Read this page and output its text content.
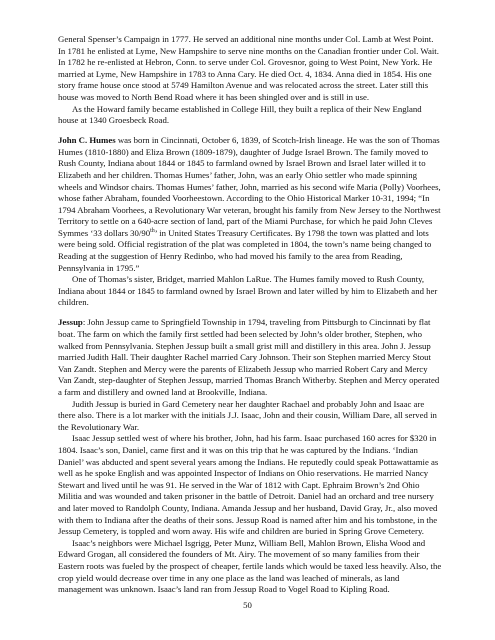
General Spenser’s Campaign in 1777. He served an additional nine months under Col. Lamb at West Point. In 1781 he enlisted at Lyme, New Hampshire to serve nine months on the Canadian frontier under Col. Wait. In 1782 he re-enlisted at Hebron, Conn. to serve under Col. Grovesnor, going to West Point, New York. He married at Lyme, New Hampshire in 1783 to Anna Cary. He died Oct. 4, 1834. Anna died in 1854. His one story frame house once stood at 5749 Hamilton Avenue and was relocated across the street. Later still this house was moved to North Bend Road where it has been shingled over and is still in use.

As the Howard family became established in College Hill, they built a replica of their New England house at 1340 Groesbeck Road.

John C. Humes was born in Cincinnati, October 6, 1839, of Scotch-Irish lineage. He was the son of Thomas Humes (1810-1880) and Eliza Brown (1809-1879), daughter of Judge Israel Brown. The family moved to Rush County, Indiana about 1844 or 1845 to farmland owned by Israel Brown and Israel later willed it to Elizabeth and her children. Thomas Humes’ father, John, was an early Ohio settler who made spinning wheels and Windsor chairs. Thomas Humes’ father, John, married as his second wife Maria (Polly) Voorhees, whose father Abraham, founded Voorheestown. According to the Ohio Historical Marker 10-31, 1994; “In 1794 Abraham Voorhees, a Revolutionary War veteran, brought his family from New Jersey to the Northwest Territory to settle on a 640-acre section of land, part of the Miami Purchase, for which he paid John Cleves Symmes ‘33 dollars 30/90th’ in United States Treasury Certificates. By 1798 the town was platted and lots were being sold. Official registration of the plat was completed in 1804, the town’s name being changed to Reading at the suggestion of Henry Redinbo, who had moved his family to the area from Reading, Pennsylvania in 1795.”

One of Thomas’s sister, Bridget, married Mahlon LaRue. The Humes family moved to Rush County, Indiana about 1844 or 1845 to farmland owned by Israel Brown and later willed by him to Elizabeth and her children.

Jessup: John Jessup came to Springfield Township in 1794, traveling from Pittsburgh to Cincinnati by flat boat. The farm on which the family first settled had been selected by John’s older brother, Stephen, who walked from Pennsylvania. Stephen Jessup built a small grist mill and distillery in this area. John J. Jessup married Judith Hall. Their daughter Rachel married Cary Johnson. Their son Stephen married Mercy Stout Van Zandt. Stephen and Mercy were the parents of Elizabeth Jessup who married Robert Cary and Mercy Van Zandt, step-daughter of Stephen Jessup, married Thomas Branch Witherby. Stephen and Mercy operated a farm and distillery and owned land at Brookville, Indiana.

Judith Jessup is buried in Gard Cemetery near her daughter Rachael and probably John and Isaac are there also. There is a lot marker with the initials J.J. Isaac, John and their cousin, William Dare, all served in the Revolutionary War.

Isaac Jessup settled west of where his brother, John, had his farm. Isaac purchased 160 acres for $320 in 1804. Isaac’s son, Daniel, came first and it was on this trip that he was captured by the Indians. ‘Indian Daniel’ was abducted and spent several years among the Indians. He reputedly could speak Pottawattamie as well as he spoke English and was appointed Inspector of Indians on Ohio reservations. He married Nancy Stewart and lived until he was 91. He served in the War of 1812 with Capt. Ephraim Brown’s 2nd Ohio Militia and was wounded and taken prisoner in the battle of Detroit. Daniel had an orchard and tree nursery and later moved to Randolph County, Indiana. Amanda Jessup and her husband, David Gray, Jr., also moved with them to Indiana after the deaths of their sons. Jessup Road is named after him and his tombstone, in the Jessup Cemetery, is toppled and worn away. His wife and children are buried in Spring Grove Cemetery.

Isaac’s neighbors were Michael Isgrigg, Peter Munz, William Bell, Mahlon Brown, Elisha Wood and Edward Grogan, all considered the founders of Mt. Airy. The movement of so many families from their Eastern roots was fueled by the prospect of cheaper, fertile lands which would be taxed less heavily. Also, the crop yield would decrease over time in any one place as the land was leached of minerals, as land management was unknown. Isaac’s land ran from Jessup Road to Vogel Road to Kipling Road.

50
